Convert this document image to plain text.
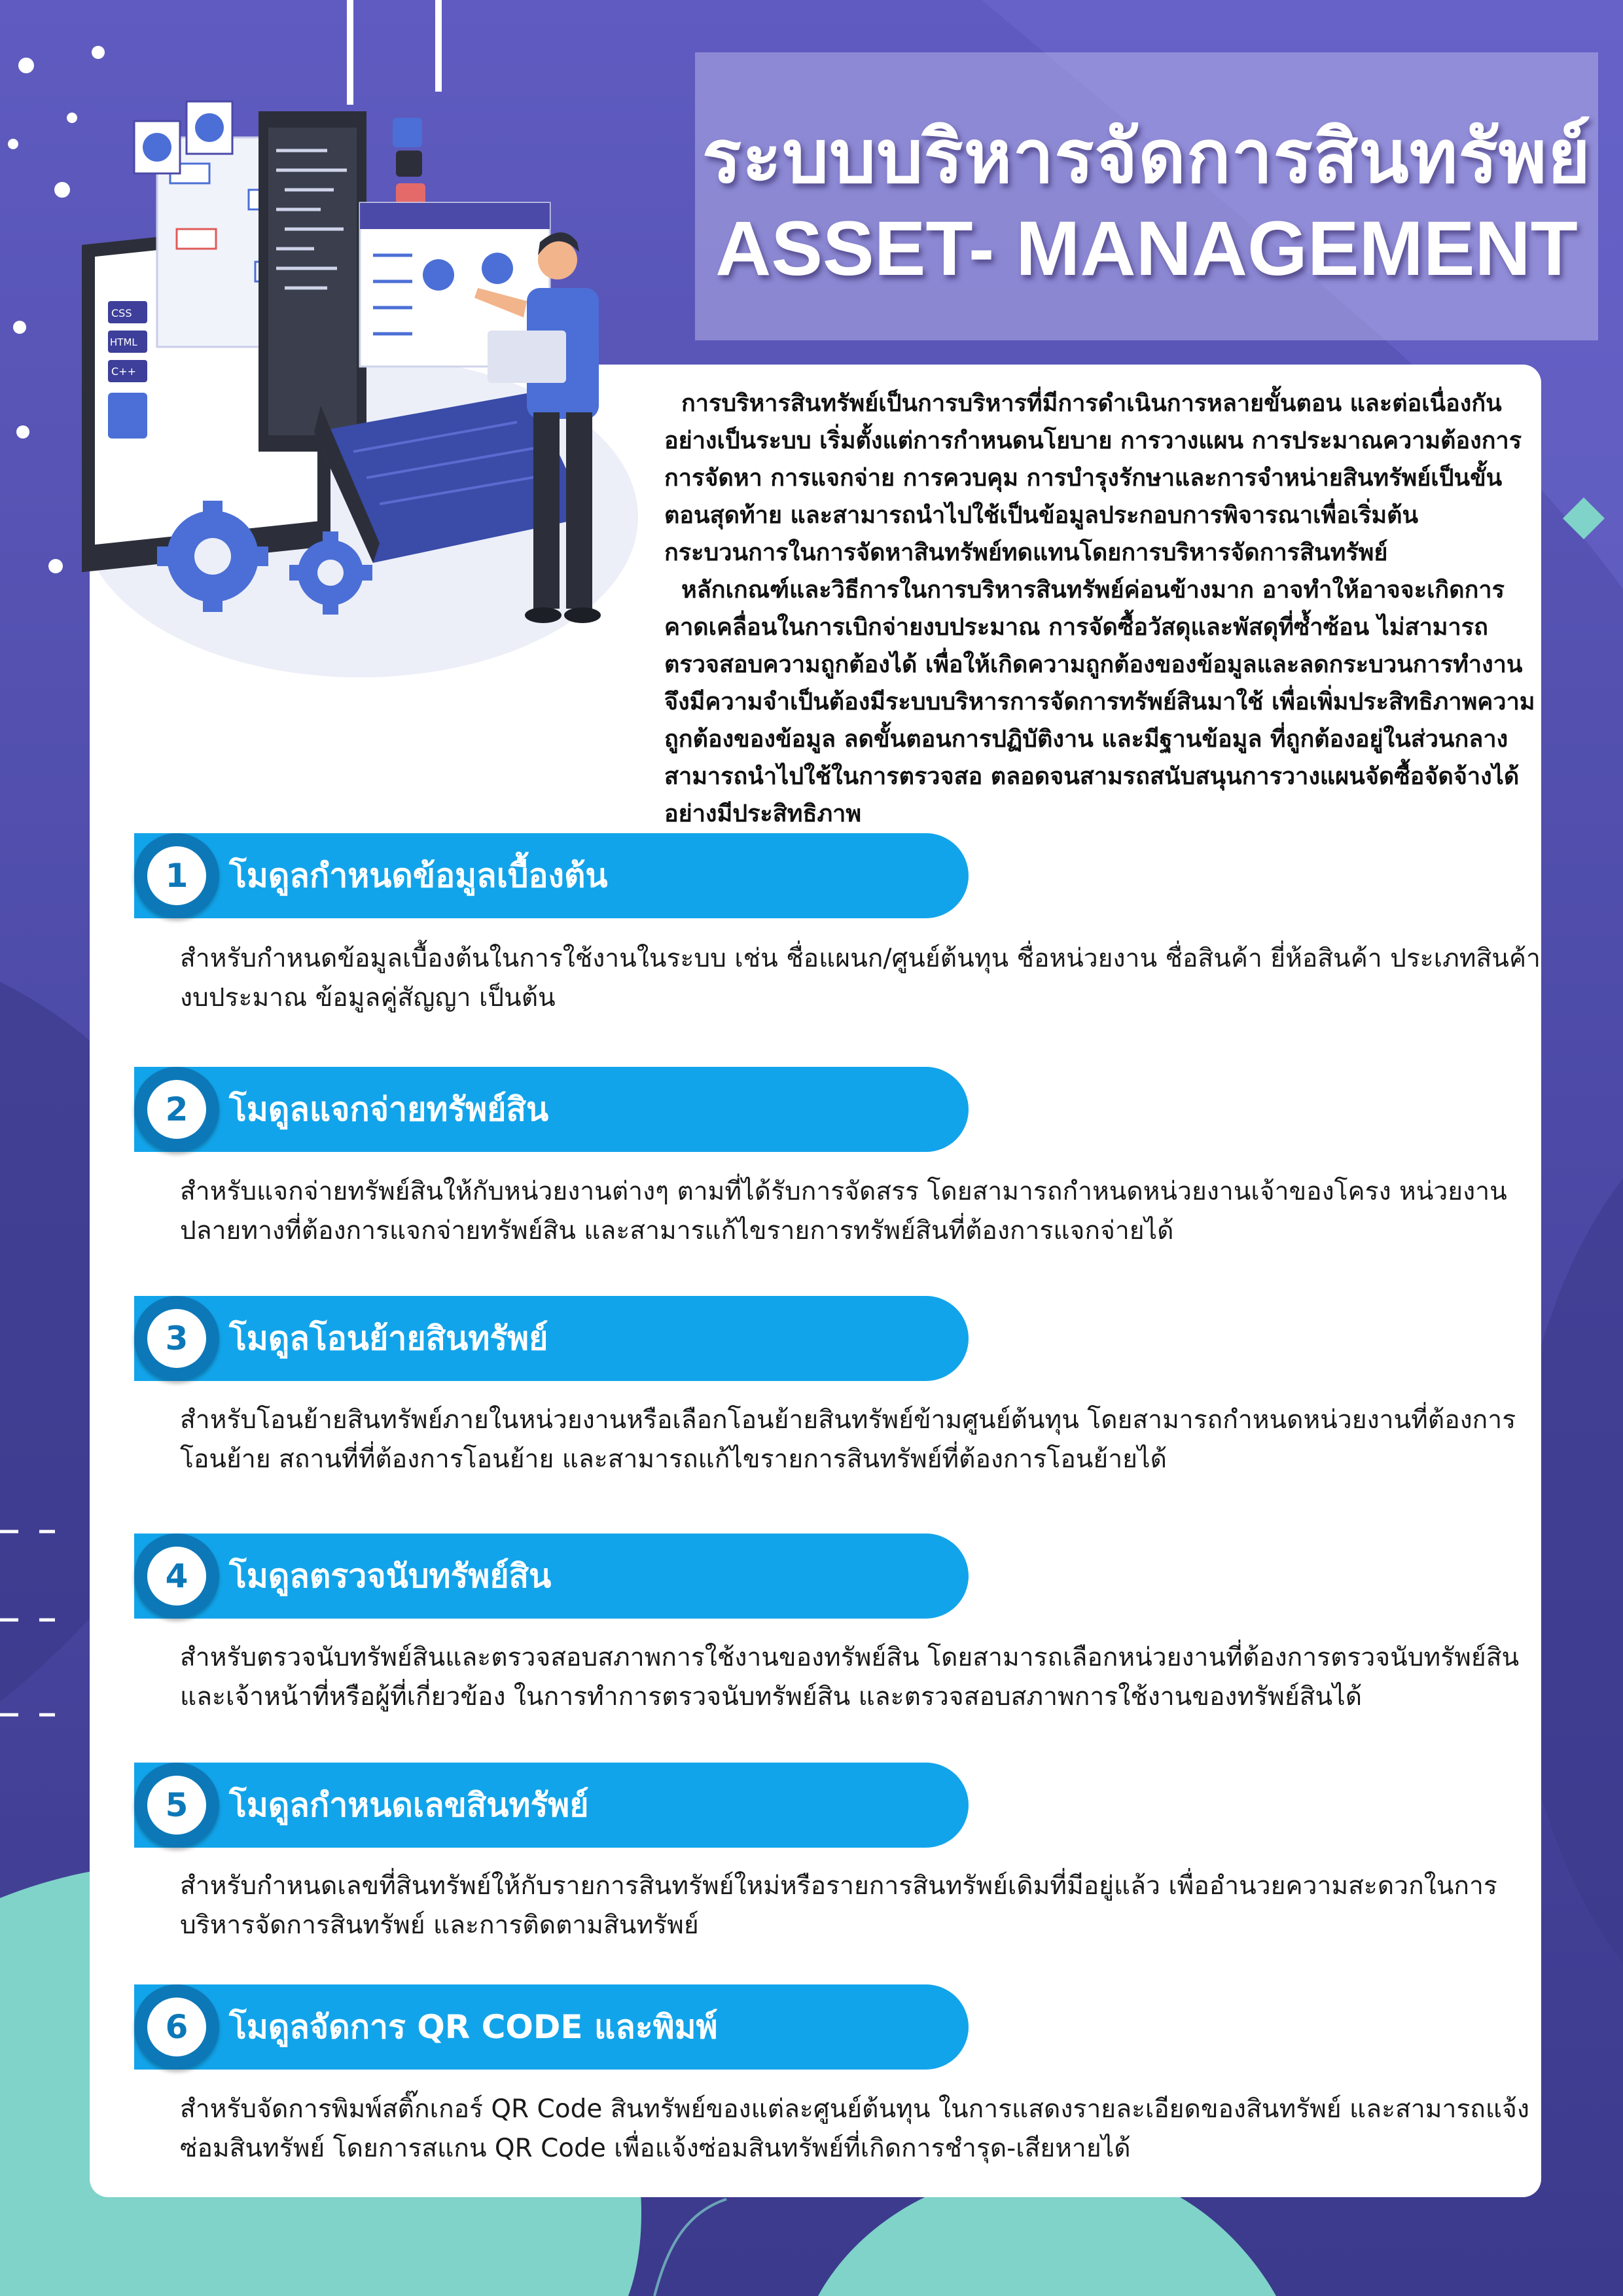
ระบบบริหารจัดการสินทรัพย์
ASSET- MANAGEMENT
CSS
HTML
C++

การบริหารสินทรัพย์เป็นการบริหารที่มีการดำเนินการหลายขั้นตอน และต่อเนื่องกันอย่างเป็นระบบ เริ่มตั้งแต่การกำหนดนโยบาย การวางแผน การประมาณความต้องการ การจัดหา การแจกจ่าย การควบคุม การบำรุงรักษาและการจำหน่ายสินทรัพย์เป็นขั้นตอนสุดท้าย และสามารถนำไปใช้เป็นข้อมูลประกอบการพิจารณาเพื่อเริ่มต้นกระบวนการในการจัดหาสินทรัพย์ทดแทนโดยการบริหารจัดการสินทรัพย์

หลักเกณฑ์และวิธีการในการบริหารสินทรัพย์ค่อนข้างมาก อาจทำให้อาจจะเกิดการคาดเคลื่อนในการเบิกจ่ายงบประมาณ การจัดซื้อวัสดุและพัสดุที่ซ้ำซ้อน ไม่สามารถตรวจสอบความถูกต้องได้ เพื่อให้เกิดความถูกต้องของข้อมูลและลดกระบวนการทำงาน จึงมีความจำเป็นต้องมีระบบบริหารการจัดการทรัพย์สินมาใช้ เพื่อเพิ่มประสิทธิภาพความถูกต้องของข้อมูล ลดขั้นตอนการปฏิบัติงาน และมีฐานข้อมูล ที่ถูกต้องอยู่ในส่วนกลาง สามารถนำไปใช้ในการตรวจสอ ตลอดจนสามรถสนับสนุนการวางแผนจัดซื้อจัดจ้างได้อย่างมีประสิทธิภาพ

1	โมดูลกำหนดข้อมูลเบื้องต้น
สำหรับกำหนดข้อมูลเบื้องต้นในการใช้งานในระบบ เช่น ชื่อแผนก/ศูนย์ต้นทุน ชื่อหน่วยงาน ชื่อสินค้า ยี่ห้อสินค้า ประเภทสินค้า งบประมาณ ข้อมูลคู่สัญญา เป็นต้น
2	โมดูลแจกจ่ายทรัพย์สิน
สำหรับแจกจ่ายทรัพย์สินให้กับหน่วยงานต่างๆ ตามที่ได้รับการจัดสรร โดยสามารถกำหนดหน่วยงานเจ้าของโครง หน่วยงานปลายทางที่ต้องการแจกจ่ายทรัพย์สิน และสามารแก้ไขรายการทรัพย์สินที่ต้องการแจกจ่ายได้
3	โมดูลโอนย้ายสินทรัพย์
สำหรับโอนย้ายสินทรัพย์ภายในหน่วยงานหรือเลือกโอนย้ายสินทรัพย์ข้ามศูนย์ต้นทุน โดยสามารถกำหนดหน่วยงานที่ต้องการโอนย้าย สถานที่ที่ต้องการโอนย้าย และสามารถแก้ไขรายการสินทรัพย์ที่ต้องการโอนย้ายได้
4	โมดูลตรวจนับทรัพย์สิน
สำหรับตรวจนับทรัพย์สินและตรวจสอบสภาพการใช้งานของทรัพย์สิน โดยสามารถเลือกหน่วยงานที่ต้องการตรวจนับทรัพย์สินและเจ้าหน้าที่หรือผู้ที่เกี่ยวข้อง ในการทำการตรวจนับทรัพย์สิน และตรวจสอบสภาพการใช้งานของทรัพย์สินได้
5	โมดูลกำหนดเลขสินทรัพย์
สำหรับกำหนดเลขที่สินทรัพย์ให้กับรายการสินทรัพย์ใหม่หรือรายการสินทรัพย์เดิมที่มีอยู่แล้ว เพื่ออำนวยความสะดวกในการบริหารจัดการสินทรัพย์ และการติดตามสินทรัพย์
6	โมดูลจัดการ QR CODE และพิมพ์
สำหรับจัดการพิมพ์สติ๊กเกอร์ QR Code สินทรัพย์ของแต่ละศูนย์ต้นทุน ในการแสดงรายละเอียดของสินทรัพย์ และสามารถแจ้งซ่อมสินทรัพย์ โดยการสแกน QR Code เพื่อแจ้งซ่อมสินทรัพย์ที่เกิดการชำรุด-เสียหายได้
